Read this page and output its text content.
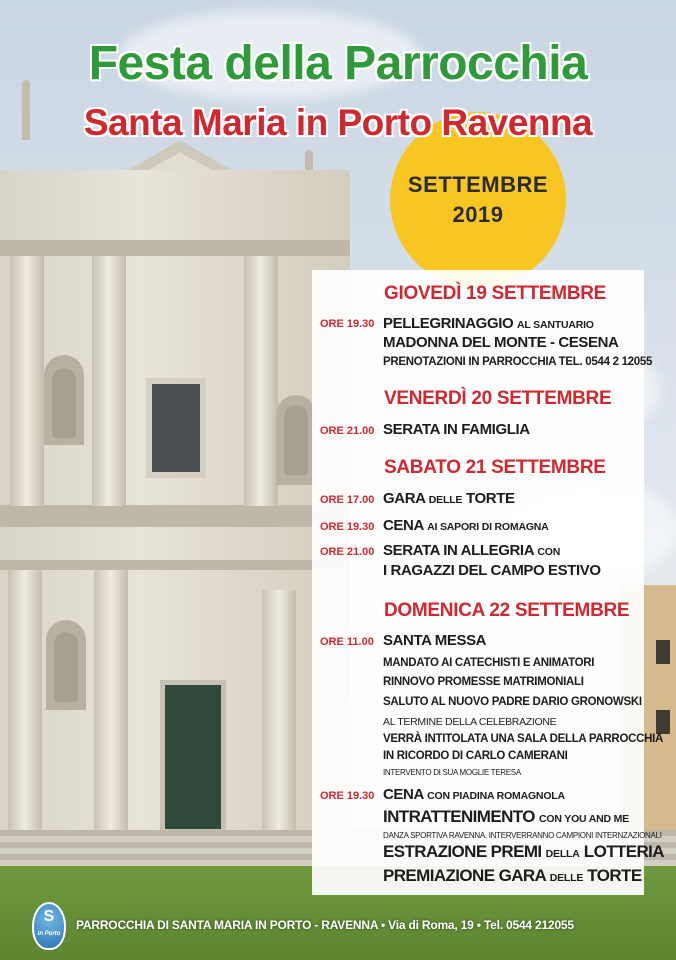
SETTEMBRE
2019
Festa della Parrocchia
Santa Maria in Porto Ravenna
GIOVEDÌ 19 SETTEMBRE
ORE 19.30 PELLEGRINAGGIO AL SANTUARIO
MADONNA DEL MONTE - CESENA
PRENOTAZIONI IN PARROCCHIA TEL. 0544 2 12055
VENERDÌ 20 SETTEMBRE
ORE 21.00 SERATA IN FAMIGLIA
SABATO 21 SETTEMBRE
ORE 17.00 GARA DELLE TORTE
ORE 19.30 CENA AI SAPORI DI ROMAGNA
ORE 21.00 SERATA IN ALLEGRIA CON
I RAGAZZI DEL CAMPO ESTIVO
DOMENICA 22 SETTEMBRE
ORE 11.00 SANTA MESSA
MANDATO AI CATECHISTI E ANIMATORI
RINNOVO PROMESSE MATRIMONIALI
SALUTO AL NUOVO PADRE DARIO GRONOWSKI
AL TERMINE DELLA CELEBRAZIONE
VERRÀ INTITOLATA UNA SALA DELLA PARROCCHIA
IN RICORDO DI CARLO CAMERANI
INTERVENTO DI SUA MOGLIE TERESA
ORE 19.30 CENA CON PIADINA ROMAGNOLA
INTRATTENIMENTO CON YOU AND ME
DANZA SPORTIVA RAVENNA. INTERVERRANNO CAMPIONI INTERNZAZIONALI
ESTRAZIONE PREMI DELLA LOTTERIA
PREMIAZIONE GARA DELLE TORTE
S
in Porto
PARROCCHIA DI SANTA MARIA IN PORTO - RAVENNA • Via di Roma, 19 • Tel. 0544 212055
